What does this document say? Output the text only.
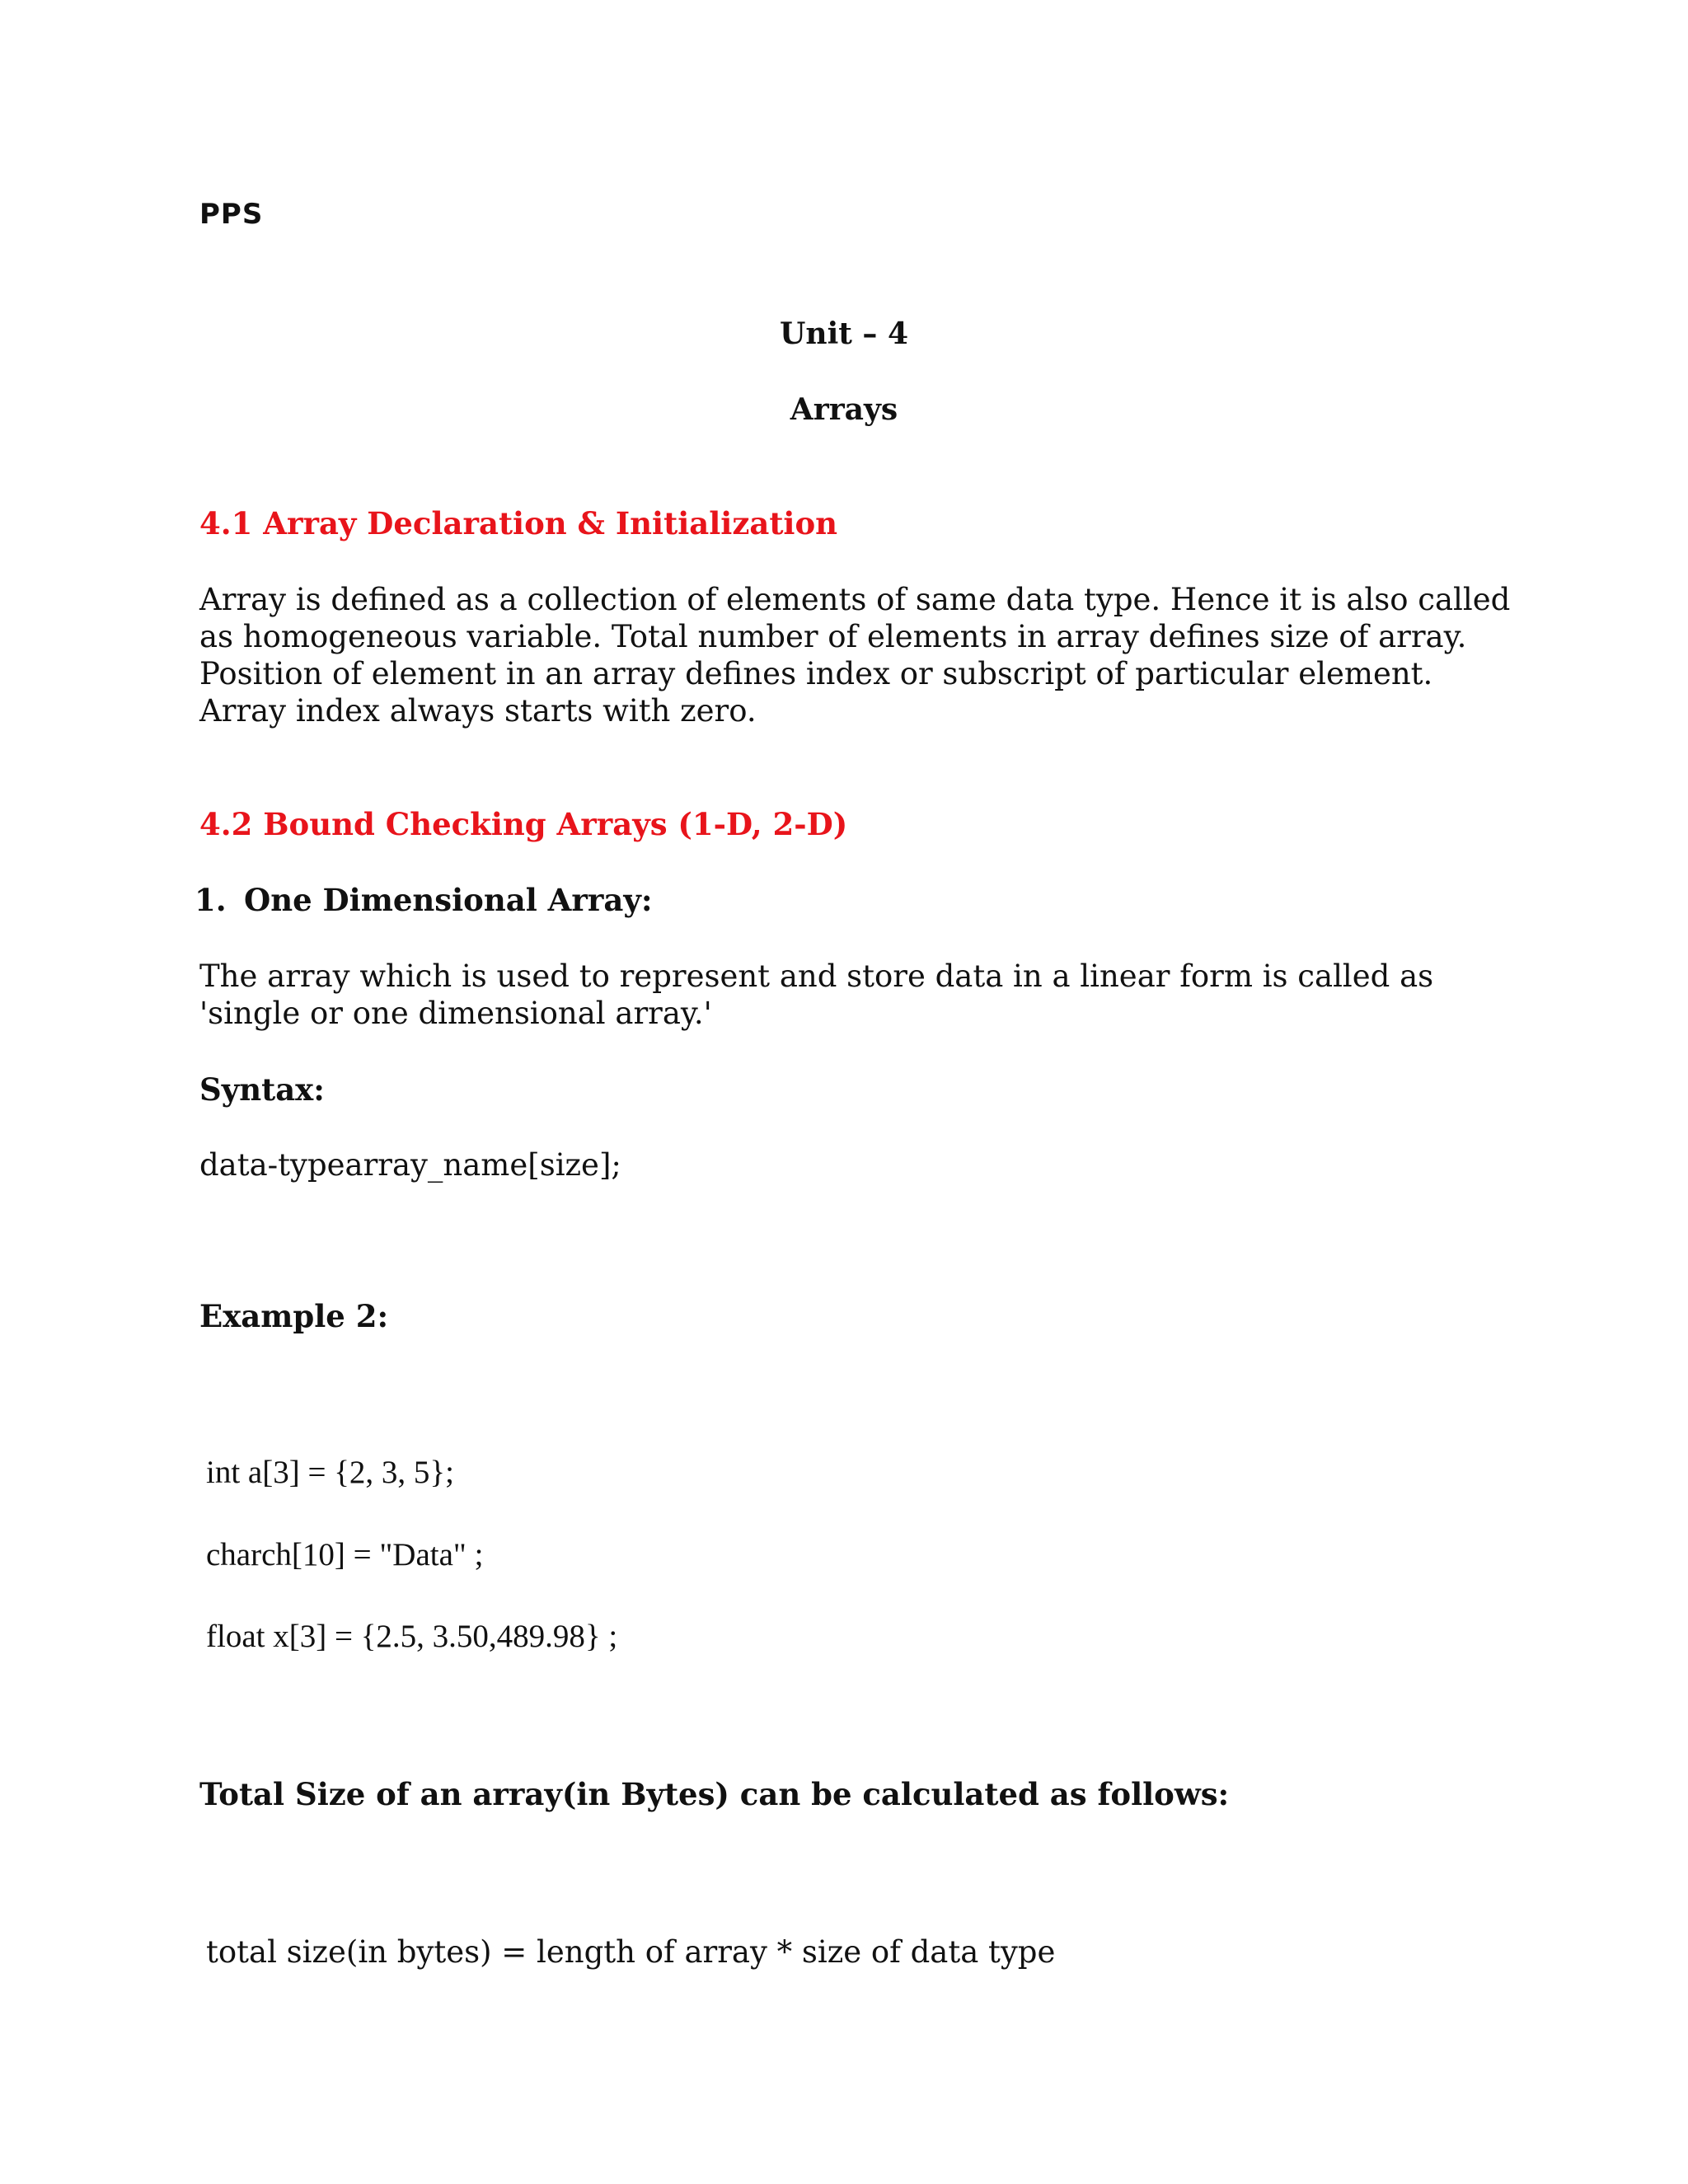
PPS
Unit – 4
Arrays
4.1 Array Declaration & Initialization

Array is defined as a collection of elements of same data type. Hence it is also called as homogeneous variable. Total number of elements in array defines size of array. Position of element in an array defines index or subscript of particular element. Array index always starts with zero.

4.2 Bound Checking Arrays (1-D, 2-D)
1. One Dimensional Array:

The array which is used to represent and store data in a linear form is called as 'single or one dimensional array.'

Syntax:
data-typearray_name[size];
Example 2:
int a[3] = {2, 3, 5};
charch[10] = "Data" ;
float x[3] = {2.5, 3.50,489.98} ;
Total Size of an array(in Bytes) can be calculated as follows:
total size(in bytes) = length of array * size of data type
